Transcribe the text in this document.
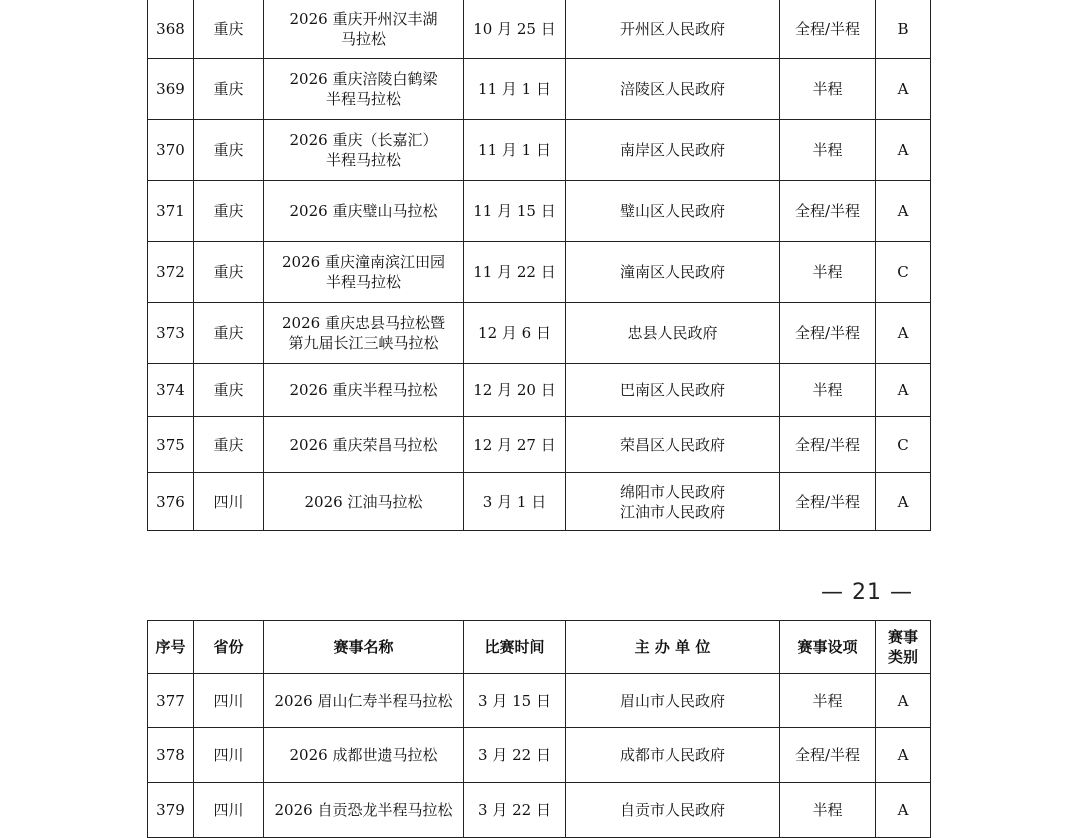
368	重庆	2026 重庆开州汉丰湖
马拉松	10 月 25 日	开州区人民政府	全程/半程	B
369	重庆	2026 重庆涪陵白鹤梁
半程马拉松	11 月 1 日	涪陵区人民政府	半程	A
370	重庆	2026 重庆（长嘉汇）
半程马拉松	11 月 1 日	南岸区人民政府	半程	A
371	重庆	2026 重庆璧山马拉松	11 月 15 日	璧山区人民政府	全程/半程	A
372	重庆	2026 重庆潼南滨江田园
半程马拉松	11 月 22 日	潼南区人民政府	半程	C
373	重庆	2026 重庆忠县马拉松暨
第九届长江三峡马拉松	12 月 6 日	忠县人民政府	全程/半程	A
374	重庆	2026 重庆半程马拉松	12 月 20 日	巴南区人民政府	半程	A
375	重庆	2026 重庆荣昌马拉松	12 月 27 日	荣昌区人民政府	全程/半程	C
376	四川	2026 江油马拉松	3 月 1 日	绵阳市人民政府
江油市人民政府	全程/半程	A
— 21 —
序号	省份	赛事名称	比赛时间	主 办 单 位	赛事设项	赛事
类别

377	四川	2026 眉山仁寿半程马拉松	3 月 15 日	眉山市人民政府	半程	A
378	四川	2026 成都世遗马拉松	3 月 22 日	成都市人民政府	全程/半程	A
379	四川	2026 自贡恐龙半程马拉松	3 月 22 日	自贡市人民政府	半程	A
